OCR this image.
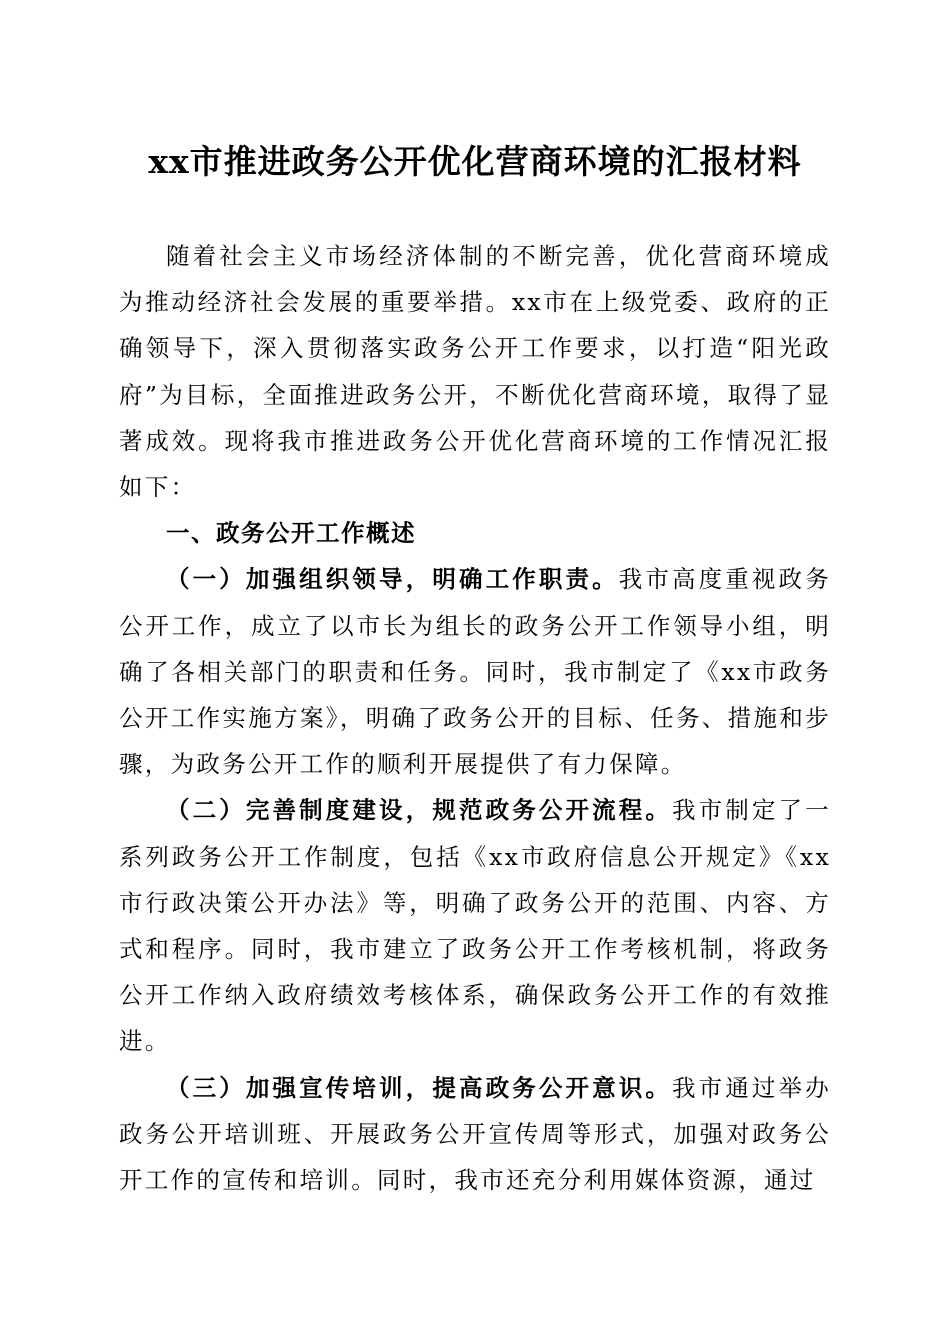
xx市推进政务公开优化营商环境的汇报材料

随着社会主义市场经济体制的不断完善，优化营商环境成为推动经济社会发展的重要举措。xx市在上级党委、政府的正确领导下，深入贯彻落实政务公开工作要求，以打造“阳光政府”为目标，全面推进政务公开，不断优化营商环境，取得了显著成效。现将我市推进政务公开优化营商环境的工作情况汇报如下：

一、政务公开工作概述

（一）加强组织领导，明确工作职责。我市高度重视政务公开工作，成立了以市长为组长的政务公开工作领导小组，明确了各相关部门的职责和任务。同时，我市制定了《xx市政务公开工作实施方案》，明确了政务公开的目标、任务、措施和步骤，为政务公开工作的顺利开展提供了有力保障。

（二）完善制度建设，规范政务公开流程。我市制定了一系列政务公开工作制度，包括《xx市政府信息公开规定》《xx市行政决策公开办法》等，明确了政务公开的范围、内容、方式和程序。同时，我市建立了政务公开工作考核机制，将政务公开工作纳入政府绩效考核体系，确保政务公开工作的有效推进。

（三）加强宣传培训，提高政务公开意识。我市通过举办政务公开培训班、开展政务公开宣传周等形式，加强对政务公开工作的宣传和培训。同时，我市还充分利用媒体资源，通过
